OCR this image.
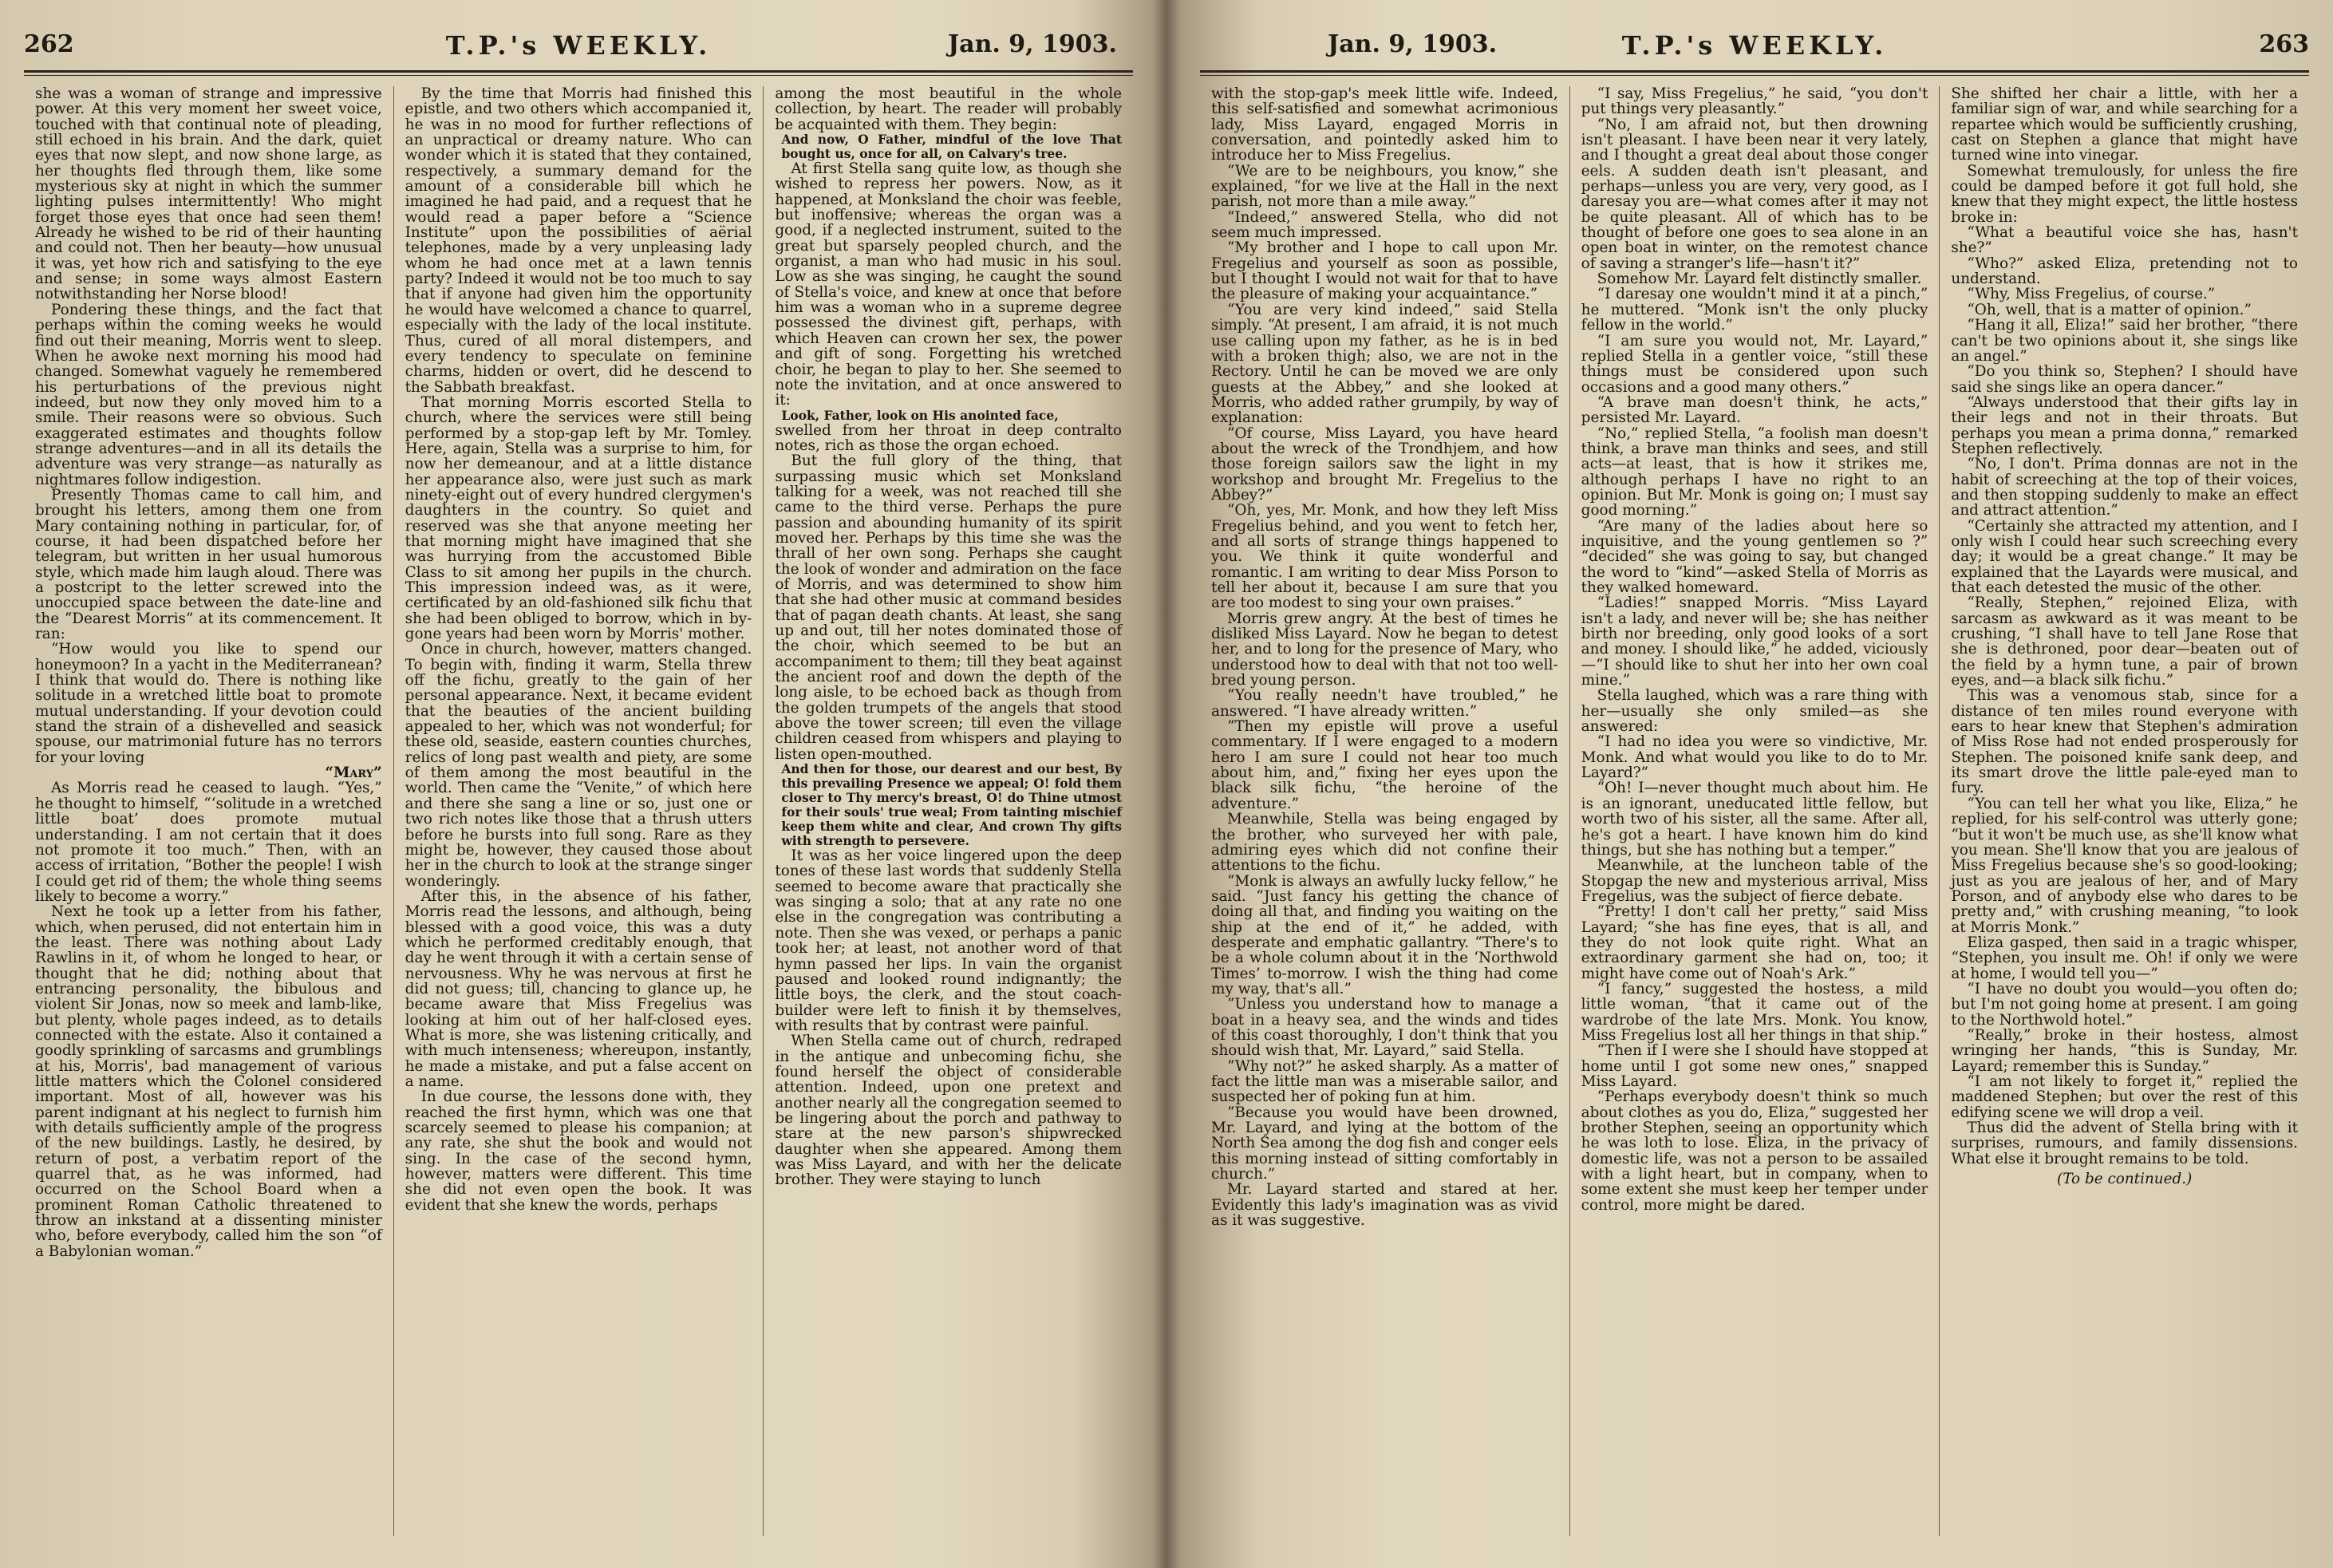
262	T.P.'s WEEKLY.	Jan. 9, 1903.

she was a woman of strange and impressive power. At this very moment her sweet voice, touched with that continual note of pleading, still echoed in his brain. And the dark, quiet eyes that now slept, and now shone large, as her thoughts fled through them, like some mysterious sky at night in which the summer lighting pulses intermittently! Who might forget those eyes that once had seen them! Already he wished to be rid of their haunting and could not. Then her beauty—how unusual it was, yet how rich and satisfying to the eye and sense; in some ways almost Eastern notwithstanding her Norse blood!

Pondering these things, and the fact that perhaps within the coming weeks he would find out their meaning, Morris went to sleep. When he awoke next morning his mood had changed. Somewhat vaguely he remembered his perturbations of the previous night indeed, but now they only moved him to a smile. Their reasons were so obvious. Such exaggerated estimates and thoughts follow strange adventures—and in all its details the adventure was very strange—as naturally as nightmares follow indigestion.

Presently Thomas came to call him, and brought his letters, among them one from Mary containing nothing in particular, for, of course, it had been dispatched before her telegram, but written in her usual humorous style, which made him laugh aloud. There was a postcript to the letter screwed into the unoccupied space between the date-line and the “Dearest Morris” at its commencement. It ran:

“How would you like to spend our honeymoon? In a yacht in the Mediterranean? I think that would do. There is nothing like solitude in a wretched little boat to promote mutual understanding. If your devotion could stand the strain of a dishevelled and seasick spouse, our matrimonial future has no terrors for your loving

“Mary”

As Morris read he ceased to laugh. “Yes,” he thought to himself, “‘solitude in a wretched little boat’ does promote mutual understanding. I am not certain that it does not promote it too much.” Then, with an access of irritation, “Bother the people! I wish I could get rid of them; the whole thing seems likely to become a worry.”

Next he took up a letter from his father, which, when perused, did not entertain him in the least. There was nothing about Lady Rawlins in it, of whom he longed to hear, or thought that he did; nothing about that entrancing personality, the bibulous and violent Sir Jonas, now so meek and lamb-like, but plenty, whole pages indeed, as to details connected with the estate. Also it contained a goodly sprinkling of sarcasms and grumblings at his, Morris', bad management of various little matters which the Colonel considered important. Most of all, however was his parent indignant at his neglect to furnish him with details sufficiently ample of the progress of the new buildings. Lastly, he desired, by return of post, a verbatim report of the quarrel that, as he was informed, had occurred on the School Board when a prominent Roman Catholic threatened to throw an inkstand at a dissenting minister who, before everybody, called him the son “of a Babylonian woman.”

By the time that Morris had finished this epistle, and two others which accompanied it, he was in no mood for further reflections of an unpractical or dreamy nature. Who can wonder which it is stated that they contained, respectively, a summary demand for the amount of a considerable bill which he imagined he had paid, and a request that he would read a paper before a “Science Institute” upon the possibilities of aërial telephones, made by a very unpleasing lady whom he had once met at a lawn tennis party? Indeed it would not be too much to say that if anyone had given him the opportunity he would have welcomed a chance to quarrel, especially with the lady of the local institute. Thus, cured of all moral distempers, and every tendency to speculate on feminine charms, hidden or overt, did he descend to the Sabbath breakfast.

That morning Morris escorted Stella to church, where the services were still being performed by a stop-gap left by Mr. Tomley. Here, again, Stella was a surprise to him, for now her demeanour, and at a little distance her appearance also, were just such as mark ninety-eight out of every hundred clergymen's daughters in the country. So quiet and reserved was she that anyone meeting her that morning might have imagined that she was hurrying from the accustomed Bible Class to sit among her pupils in the church. This impression indeed was, as it were, certificated by an old-fashioned silk fichu that she had been obliged to borrow, which in by-gone years had been worn by Morris' mother.

Once in church, however, matters changed. To begin with, finding it warm, Stella threw off the fichu, greatly to the gain of her personal appearance. Next, it became evident that the beauties of the ancient building appealed to her, which was not wonderful; for these old, seaside, eastern counties churches, relics of long past wealth and piety, are some of them among the most beautiful in the world. Then came the “Venite,” of which here and there she sang a line or so, just one or two rich notes like those that a thrush utters before he bursts into full song. Rare as they might be, however, they caused those about her in the church to look at the strange singer wonderingly.

After this, in the absence of his father, Morris read the lessons, and although, being blessed with a good voice, this was a duty which he performed creditably enough, that day he went through it with a certain sense of nervousness. Why he was nervous at first he did not guess; till, chancing to glance up, he became aware that Miss Fregelius was looking at him out of her half-closed eyes. What is more, she was listening critically, and with much intenseness; whereupon, instantly, he made a mistake, and put a false accent on a name.

In due course, the lessons done with, they reached the first hymn, which was one that scarcely seemed to please his companion; at any rate, she shut the book and would not sing. In the case of the second hymn, however, matters were different. This time she did not even open the book. It was evident that she knew the words, perhaps

among the most beautiful in the whole collection, by heart. The reader will probably be acquainted with them. They begin:

And now, O Father, mindful of the love That bought us, once for all, on Calvary's tree.

At first Stella sang quite low, as though she wished to repress her powers. Now, as it happened, at Monksland the choir was feeble, but inoffensive; whereas the organ was a good, if a neglected instrument, suited to the great but sparsely peopled church, and the organist, a man who had music in his soul. Low as she was singing, he caught the sound of Stella's voice, and knew at once that before him was a woman who in a supreme degree possessed the divinest gift, perhaps, with which Heaven can crown her sex, the power and gift of song. Forgetting his wretched choir, he began to play to her. She seemed to note the invitation, and at once answered to it:

Look, Father, look on His anointed face,

swelled from her throat in deep contralto notes, rich as those the organ echoed.

But the full glory of the thing, that surpassing music which set Monksland talking for a week, was not reached till she came to the third verse. Perhaps the pure passion and abounding humanity of its spirit moved her. Perhaps by this time she was the thrall of her own song. Perhaps she caught the look of wonder and admiration on the face of Morris, and was determined to show him that she had other music at command besides that of pagan death chants. At least, she sang up and out, till her notes dominated those of the choir, which seemed to be but an accompaniment to them; till they beat against the ancient roof and down the depth of the long aisle, to be echoed back as though from the golden trumpets of the angels that stood above the tower screen; till even the village children ceased from whispers and playing to listen open-mouthed.

And then for those, our dearest and our best, By this prevailing Presence we appeal; O! fold them closer to Thy mercy's breast, O! do Thine utmost for their souls' true weal; From tainting mischief keep them white and clear, And crown Thy gifts with strength to persevere.

It was as her voice lingered upon the deep tones of these last words that suddenly Stella seemed to become aware that practically she was singing a solo; that at any rate no one else in the congregation was contributing a note. Then she was vexed, or perhaps a panic took her; at least, not another word of that hymn passed her lips. In vain the organist paused and looked round indignantly; the little boys, the clerk, and the stout coach-builder were left to finish it by themselves, with results that by contrast were painful.

When Stella came out of church, redraped in the antique and unbecoming fichu, she found herself the object of considerable attention. Indeed, upon one pretext and another nearly all the congregation seemed to be lingering about the porch and pathway to stare at the new parson's shipwrecked daughter when she appeared. Among them was Miss Layard, and with her the delicate brother. They were staying to lunch

Jan. 9, 1903.	T.P.'s WEEKLY.	263

with the stop-gap's meek little wife. Indeed, this self-satisfied and somewhat acrimonious lady, Miss Layard, engaged Morris in conversation, and pointedly asked him to introduce her to Miss Fregelius.

“We are to be neighbours, you know,” she explained, “for we live at the Hall in the next parish, not more than a mile away.”

“Indeed,” answered Stella, who did not seem much impressed.

“My brother and I hope to call upon Mr. Fregelius and yourself as soon as possible, but I thought I would not wait for that to have the pleasure of making your acquaintance.”

“You are very kind indeed,” said Stella simply. “At present, I am afraid, it is not much use calling upon my father, as he is in bed with a broken thigh; also, we are not in the Rectory. Until he can be moved we are only guests at the Abbey,” and she looked at Morris, who added rather grumpily, by way of explanation:

“Of course, Miss Layard, you have heard about the wreck of the Trondhjem, and how those foreign sailors saw the light in my workshop and brought Mr. Fregelius to the Abbey?”

“Oh, yes, Mr. Monk, and how they left Miss Fregelius behind, and you went to fetch her, and all sorts of strange things happened to you. We think it quite wonderful and romantic. I am writing to dear Miss Porson to tell her about it, because I am sure that you are too modest to sing your own praises.”

Morris grew angry. At the best of times he disliked Miss Layard. Now he began to detest her, and to long for the presence of Mary, who understood how to deal with that not too well-bred young person.

“You really needn't have troubled,” he answered. “I have already written.”

“Then my epistle will prove a useful commentary. If I were engaged to a modern hero I am sure I could not hear too much about him, and,” fixing her eyes upon the black silk fichu, “the heroine of the adventure.”

Meanwhile, Stella was being engaged by the brother, who surveyed her with pale, admiring eyes which did not confine their attentions to the fichu.

“Monk is always an awfully lucky fellow,” he said. “Just fancy his getting the chance of doing all that, and finding you waiting on the ship at the end of it,” he added, with desperate and emphatic gallantry. “There's to be a whole column about it in the ‘Northwold Times’ to-morrow. I wish the thing had come my way, that's all.”

“Unless you understand how to manage a boat in a heavy sea, and the winds and tides of this coast thoroughly, I don't think that you should wish that, Mr. Layard,” said Stella.

“Why not?” he asked sharply. As a matter of fact the little man was a miserable sailor, and suspected her of poking fun at him.

“Because you would have been drowned, Mr. Layard, and lying at the bottom of the North Sea among the dog fish and conger eels this morning instead of sitting comfortably in church.”

Mr. Layard started and stared at her. Evidently this lady's imagination was as vivid as it was suggestive.

“I say, Miss Fregelius,” he said, “you don't put things very pleasantly.”

“No, I am afraid not, but then drowning isn't pleasant. I have been near it very lately, and I thought a great deal about those conger eels. A sudden death isn't pleasant, and perhaps—unless you are very, very good, as I daresay you are—what comes after it may not be quite pleasant. All of which has to be thought of before one goes to sea alone in an open boat in winter, on the remotest chance of saving a stranger's life—hasn't it?”

Somehow Mr. Layard felt distinctly smaller.

“I daresay one wouldn't mind it at a pinch,” he muttered. “Monk isn't the only plucky fellow in the world.”

“I am sure you would not, Mr. Layard,” replied Stella in a gentler voice, “still these things must be considered upon such occasions and a good many others.”

“A brave man doesn't think, he acts,” persisted Mr. Layard.

“No,” replied Stella, “a foolish man doesn't think, a brave man thinks and sees, and still acts—at least, that is how it strikes me, although perhaps I have no right to an opinion. But Mr. Monk is going on; I must say good morning.”

“Are many of the ladies about here so inquisitive, and the young gentlemen so ?” “decided” she was going to say, but changed the word to “kind”—asked Stella of Morris as they walked homeward.

“Ladies!” snapped Morris. “Miss Layard isn't a lady, and never will be; she has neither birth nor breeding, only good looks of a sort and money. I should like,” he added, viciously—“I should like to shut her into her own coal mine.”

Stella laughed, which was a rare thing with her—usually she only smiled—as she answered:

“I had no idea you were so vindictive, Mr. Monk. And what would you like to do to Mr. Layard?”

“Oh! I—never thought much about him. He is an ignorant, uneducated little fellow, but worth two of his sister, all the same. After all, he's got a heart. I have known him do kind things, but she has nothing but a temper.”

Meanwhile, at the luncheon table of the Stopgap the new and mysterious arrival, Miss Fregelius, was the subject of fierce debate.

“Pretty! I don't call her pretty,” said Miss Layard; “she has fine eyes, that is all, and they do not look quite right. What an extraordinary garment she had on, too; it might have come out of Noah's Ark.”

“I fancy,” suggested the hostess, a mild little woman, “that it came out of the wardrobe of the late Mrs. Monk. You know, Miss Fregelius lost all her things in that ship.”

“Then if I were she I should have stopped at home until I got some new ones,” snapped Miss Layard.

“Perhaps everybody doesn't think so much about clothes as you do, Eliza,” suggested her brother Stephen, seeing an opportunity which he was loth to lose. Eliza, in the privacy of domestic life, was not a person to be assailed with a light heart, but in company, when to some extent she must keep her temper under control, more might be dared.

She shifted her chair a little, with her a familiar sign of war, and while searching for a repartee which would be sufficiently crushing, cast on Stephen a glance that might have turned wine into vinegar.

Somewhat tremulously, for unless the fire could be damped before it got full hold, she knew that they might expect, the little hostess broke in:

“What a beautiful voice she has, hasn't she?”

“Who?” asked Eliza, pretending not to understand.

“Why, Miss Fregelius, of course.”

“Oh, well, that is a matter of opinion.”

“Hang it all, Eliza!” said her brother, “there can't be two opinions about it, she sings like an angel.”

“Do you think so, Stephen? I should have said she sings like an opera dancer.”

“Always understood that their gifts lay in their legs and not in their throats. But perhaps you mean a prima donna,” remarked Stephen reflectively.

“No, I don't. Prima donnas are not in the habit of screeching at the top of their voices, and then stopping suddenly to make an effect and attract attention.”

“Certainly she attracted my attention, and I only wish I could hear such screeching every day; it would be a great change.” It may be explained that the Layards were musical, and that each detested the music of the other.

“Really, Stephen,” rejoined Eliza, with sarcasm as awkward as it was meant to be crushing, “I shall have to tell Jane Rose that she is dethroned, poor dear—beaten out of the field by a hymn tune, a pair of brown eyes, and—a black silk fichu.”

This was a venomous stab, since for a distance of ten miles round everyone with ears to hear knew that Stephen's admiration of Miss Rose had not ended prosperously for Stephen. The poisoned knife sank deep, and its smart drove the little pale-eyed man to fury.

“You can tell her what you like, Eliza,” he replied, for his self-control was utterly gone; “but it won't be much use, as she'll know what you mean. She'll know that you are jealous of Miss Fregelius because she's so good-looking; just as you are jealous of her, and of Mary Porson, and of anybody else who dares to be pretty and,” with crushing meaning, “to look at Morris Monk.”

Eliza gasped, then said in a tragic whisper, “Stephen, you insult me. Oh! if only we were at home, I would tell you—”

“I have no doubt you would—you often do; but I'm not going home at present. I am going to the Northwold hotel.”

“Really,” broke in their hostess, almost wringing her hands, “this is Sunday, Mr. Layard; remember this is Sunday.”

“I am not likely to forget it,” replied the maddened Stephen; but over the rest of this edifying scene we will drop a veil.

Thus did the advent of Stella bring with it surprises, rumours, and family dissensions. What else it brought remains to be told.

(To be continued.)
